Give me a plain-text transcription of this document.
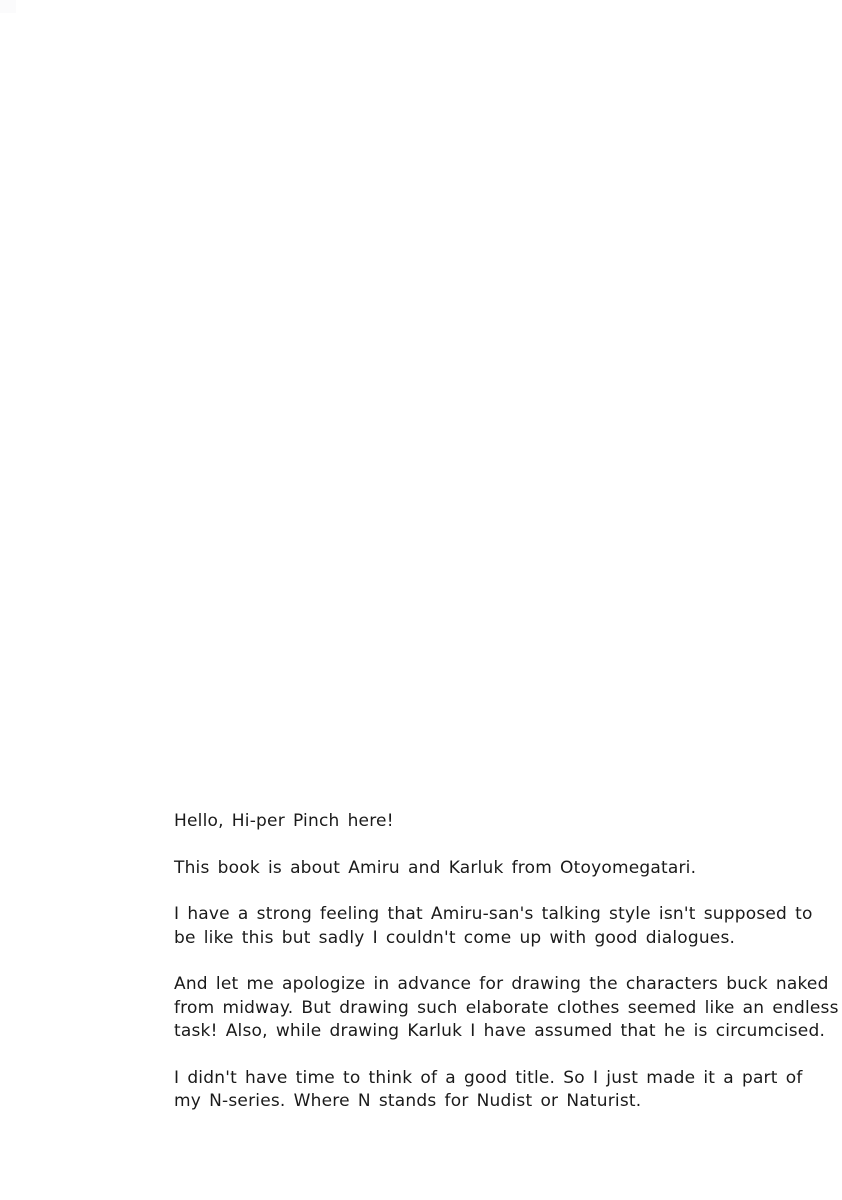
Hello, Hi-per Pinch here!

This book is about Amiru and Karluk from Otoyomegatari.

I have a strong feeling that Amiru-san's talking style isn't supposed to
be like this but sadly I couldn't come up with good dialogues.

And let me apologize in advance for drawing the characters buck naked
from midway. But drawing such elaborate clothes seemed like an endless
task! Also, while drawing Karluk I have assumed that he is circumcised.

I didn't have time to think of a good title. So I just made it a part of
my N-series. Where N stands for Nudist or Naturist.
